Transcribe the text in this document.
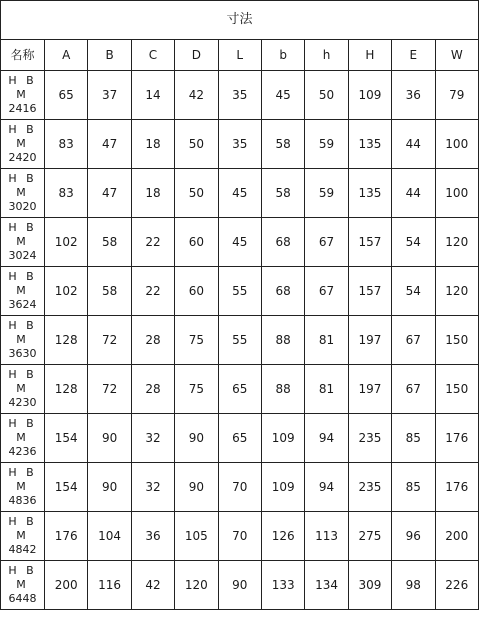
寸法										
名称	A	B	C	D	L	b	h	H	E	W

H B M
2416	65	37	14	42	35	45	50	109	36	79

H B M
2420	83	47	18	50	35	58	59	135	44	100

H B M
3020	83	47	18	50	45	58	59	135	44	100

H B M
3024	102	58	22	60	45	68	67	157	54	120

H B M
3624	102	58	22	60	55	68	67	157	54	120

H B M
3630	128	72	28	75	55	88	81	197	67	150

H B M
4230	128	72	28	75	65	88	81	197	67	150

H B M
4236	154	90	32	90	65	109	94	235	85	176

H B M
4836	154	90	32	90	70	109	94	235	85	176

H B M
4842	176	104	36	105	70	126	113	275	96	200

H B M
6448	200	116	42	120	90	133	134	309	98	226
